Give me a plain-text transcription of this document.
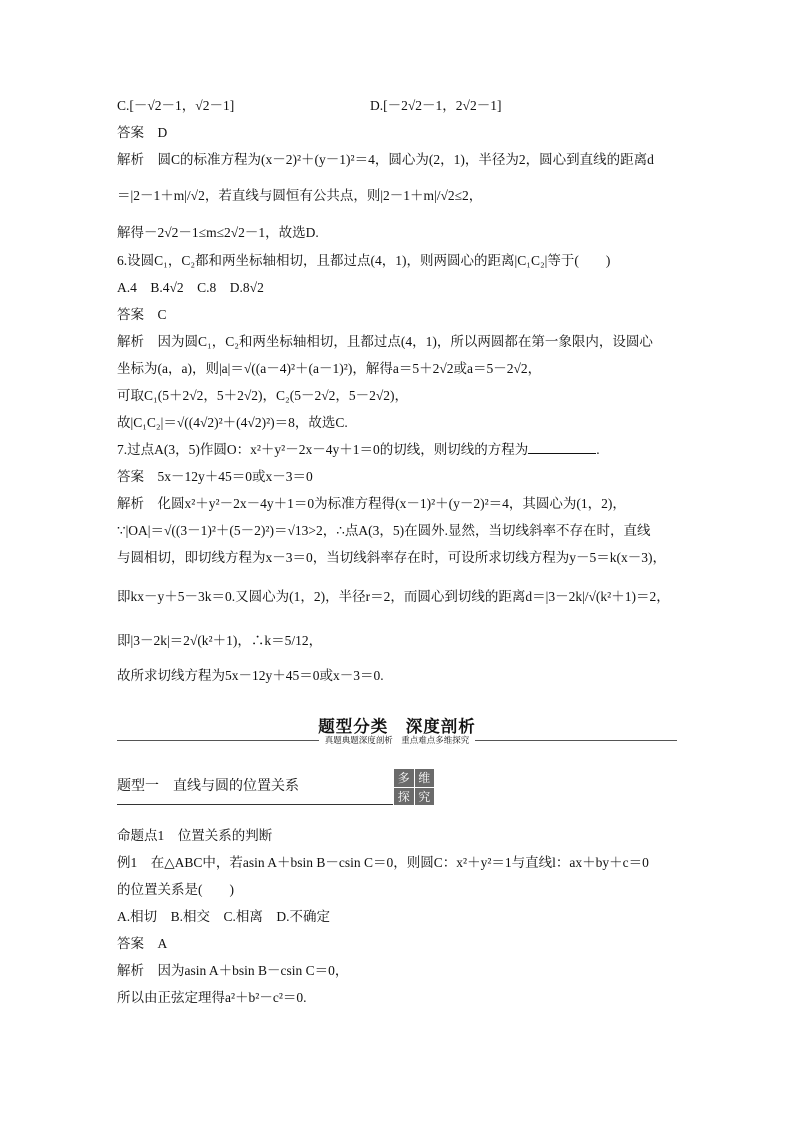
C.[－√2－1，√2－1]	D.[－2√2－1，2√2－1]
答案　D
解析　圆C的标准方程为(x－2)²＋(y－1)²＝4，圆心为(2，1)，半径为2，圆心到直线的距离d
＝|2－1＋m|/√2，若直线与圆恒有公共点，则|2－1＋m|/√2≤2，
解得－2√2－1≤m≤2√2－1，故选D.
6.设圆C₁，C₂都和两坐标轴相切，且都过点(4，1)，则两圆心的距离|C₁C₂|等于(　　)
A.4　B.4√2　C.8　D.8√2
答案　C
解析　因为圆C₁，C₂和两坐标轴相切，且都过点(4，1)，所以两圆都在第一象限内，设圆心
坐标为(a，a)，则|a|＝√((a－4)²＋(a－1)²)，解得a＝5＋2√2或a＝5－2√2，
可取C₁(5＋2√2，5＋2√2)，C₂(5－2√2，5－2√2)，
故|C₁C₂|＝√((4√2)²＋(4√2)²)＝8，故选C.
7.过点A(3，5)作圆O：x²＋y²－2x－4y＋1＝0的切线，则切线的方程为	.
答案　5x－12y＋45＝0或x－3＝0
解析　化圆x²＋y²－2x－4y＋1＝0为标准方程得(x－1)²＋(y－2)²＝4，其圆心为(1，2)，
∵|OA|＝√((3－1)²＋(5－2)²)＝√13>2，∴点A(3，5)在圆外.显然，当切线斜率不存在时，直线
与圆相切，即切线方程为x－3＝0，当切线斜率存在时，可设所求切线方程为y－5＝k(x－3)，
即kx－y＋5－3k＝0.又圆心为(1，2)，半径r＝2，而圆心到切线的距离d＝|3－2k|/√(k²＋1)＝2，
即|3－2k|＝2√(k²＋1)，∴k＝5/12，
故所求切线方程为5x－12y＋45＝0或x－3＝0.
命题点1　位置关系的判断
例1　在△ABC中，若asin A＋bsin B－csin C＝0，则圆C：x²＋y²＝1与直线l：ax＋by＋c＝0
的位置关系是(　　)
A.相切　B.相交　C.相离　D.不确定
答案　A
解析　因为asin A＋bsin B－csin C＝0，
所以由正弦定理得a²＋b²－c²＝0.
题型分类　深度剖析
真题典题深度剖析　重点难点多维探究
题型一　直线与圆的位置关系	多 维
探 究
